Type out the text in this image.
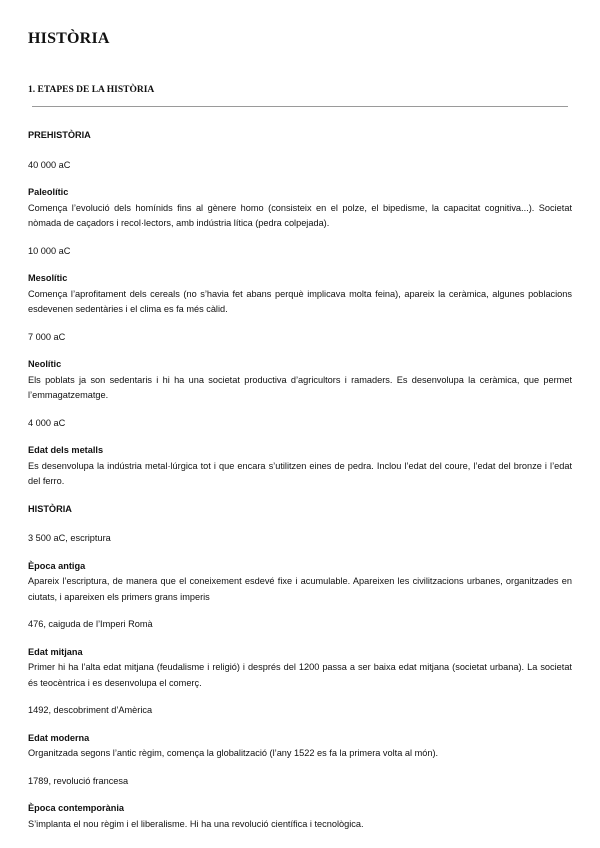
HISTÒRIA
1. ETAPES DE LA HISTÒRIA

PREHISTÒRIA

40 000 aC

Paleolític
Comença l’evolució dels homínids fins al gènere homo (consisteix en el polze, el bipedisme, la capacitat cognitiva...). Societat nòmada de caçadors i recol·lectors, amb indústria lítica (pedra colpejada).

10 000 aC

Mesolític
Comença l’aprofitament dels cereals (no s’havia fet abans perquè implicava molta feina), apareix la ceràmica, algunes poblacions esdevenen sedentàries i el clima es fa més càlid.

7 000 aC

Neolític
Els poblats ja son sedentaris i hi ha una societat productiva d’agricultors i ramaders. Es desenvolupa la ceràmica, que permet l’emmagatzematge.

4 000 aC

Edat dels metalls
Es desenvolupa la indústria metal·lúrgica tot i que encara s’utilitzen eines de pedra. Inclou l’edat del coure, l’edat del bronze i l’edat del ferro.

HISTÒRIA

3 500 aC, escriptura

Època antiga
Apareix l’escriptura, de manera que el coneixement esdevé fixe i acumulable. Apareixen les civilitzacions urbanes, organitzades en ciutats, i apareixen els primers grans imperis

476, caiguda de l’Imperi Romà

Edat mitjana
Primer hi ha l’alta edat mitjana (feudalisme i religió) i després del 1200 passa a ser baixa edat mitjana (societat urbana). La societat és teocèntrica i es desenvolupa el comerç.

1492, descobriment d’Amèrica

Edat moderna
Organitzada segons l’antic règim, comença la globalització (l’any 1522 es fa la primera volta al món).

1789, revolució francesa

Època contemporània
S’implanta el nou règim i el liberalisme. Hi ha una revolució científica i tecnològica.
